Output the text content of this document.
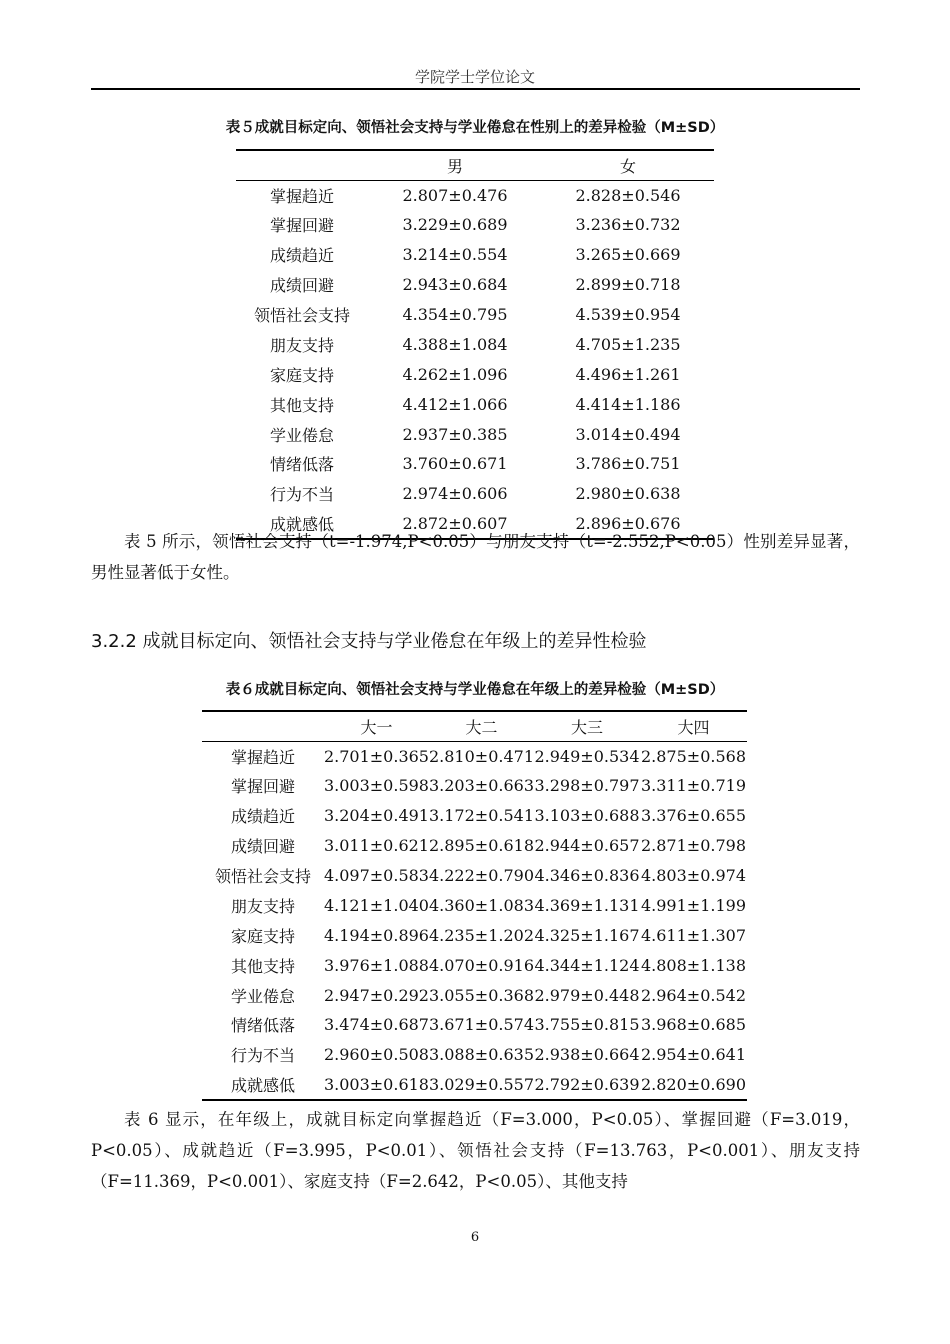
学院学士学位论文
表５成就目标定向、领悟社会支持与学业倦怠在性别上的差异检验（M±SD）
	男	女
掌握趋近	2.807±0.476	2.828±0.546
掌握回避	3.229±0.689	3.236±0.732
成绩趋近	3.214±0.554	3.265±0.669
成绩回避	2.943±0.684	2.899±0.718
领悟社会支持	4.354±0.795	4.539±0.954
朋友支持	4.388±1.084	4.705±1.235
家庭支持	4.262±1.096	4.496±1.261
其他支持	4.412±1.066	4.414±1.186
学业倦怠	2.937±0.385	3.014±0.494
情绪低落	3.760±0.671	3.786±0.751
行为不当	2.974±0.606	2.980±0.638
成就感低	2.872±0.607	2.896±0.676

表 5 所示，领悟社会支持（t=-1.974,P<0.05）与朋友支持（t=-2.552,P<0.05）性别差异显著，男性显著低于女性。

3.2.2 成就目标定向、领悟社会支持与学业倦怠在年级上的差异性检验
表６成就目标定向、领悟社会支持与学业倦怠在年级上的差异检验（M±SD）
	大一	大二	大三	大四
掌握趋近	2.701±0.365	2.810±0.471	2.949±0.534	2.875±0.568
掌握回避	3.003±0.598	3.203±0.663	3.298±0.797	3.311±0.719
成绩趋近	3.204±0.491	3.172±0.541	3.103±0.688	3.376±0.655
成绩回避	3.011±0.621	2.895±0.618	2.944±0.657	2.871±0.798
领悟社会支持	4.097±0.583	4.222±0.790	4.346±0.836	4.803±0.974
朋友支持	4.121±1.040	4.360±1.083	4.369±1.131	4.991±1.199
家庭支持	4.194±0.896	4.235±1.202	4.325±1.167	4.611±1.307
其他支持	3.976±1.088	4.070±0.916	4.344±1.124	4.808±1.138
学业倦怠	2.947±0.292	3.055±0.368	2.979±0.448	2.964±0.542
情绪低落	3.474±0.687	3.671±0.574	3.755±0.815	3.968±0.685
行为不当	2.960±0.508	3.088±0.635	2.938±0.664	2.954±0.641
成就感低	3.003±0.618	3.029±0.557	2.792±0.639	2.820±0.690

表 6 显示，在年级上，成就目标定向掌握趋近（F=3.000，P<0.05）、掌握回避（F=3.019，P<0.05）、成就趋近（F=3.995，P<0.01）、领悟社会支持（F=13.763，P<0.001）、朋友支持（F=11.369，P<0.001）、家庭支持（F=2.642，P<0.05）、其他支持

6
